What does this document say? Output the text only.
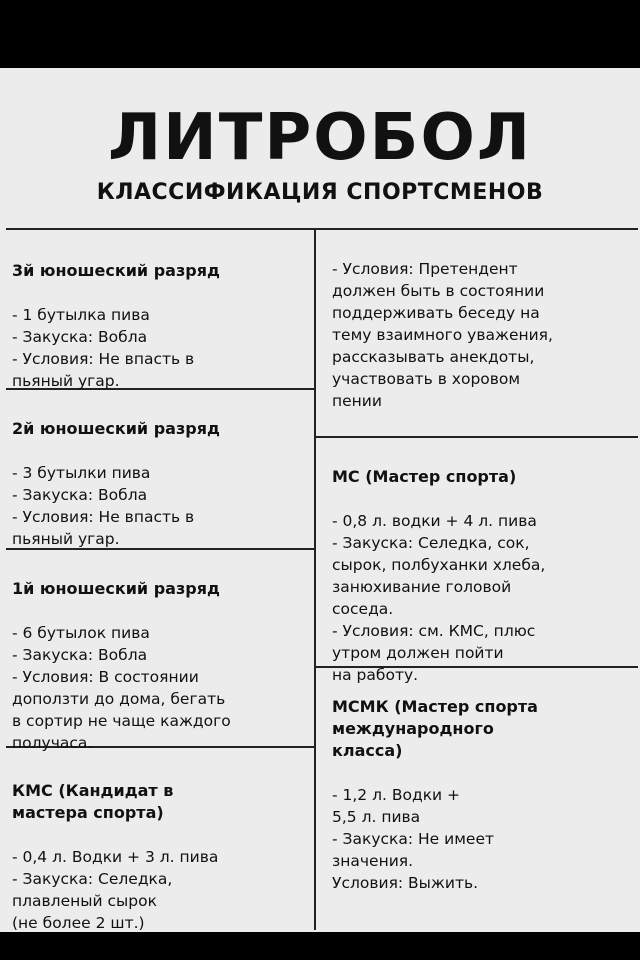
ЛИТРОБОЛ
КЛАССИФИКАЦИЯ СПОРТСМЕНОВ

3й юношеский разряд

- 1 бутылка пива
- Закуска: Вобла
- Условия: Не впасть в
пьяный угар.

2й юношеский разряд

- 3 бутылки пива
- Закуска: Вобла
- Условия: Не впасть в
пьяный угар.

1й юношеский разряд

- 6 бутылок пива
- Закуска: Вобла
- Условия: В состоянии
доползти до дома, бегать
в сортир не чаще каждого
получаса.

КМС (Кандидат в
мастера спорта)

- 0,4 л. Водки + 3 л. пива
- Закуска: Селедка,
плавленый сырок
(не более 2 шт.)

- Условия: Претендент
должен быть в состоянии
поддерживать беседу на
тему взаимного уважения,
рассказывать анекдоты,
участвовать в хоровом
пении

МС (Мастер спорта)

- 0,8 л. водки + 4 л. пива
- Закуска: Селедка, сок,
сырок, полбуханки хлеба,
занюхивание головой
соседа.
- Условия: см. КМС, плюс
утром должен пойти
на работу.

МСМК (Мастер спорта
международного
класса)

- 1,2 л. Водки +
5,5 л. пива
- Закуска: Не имеет
значения.
Условия: Выжить.
